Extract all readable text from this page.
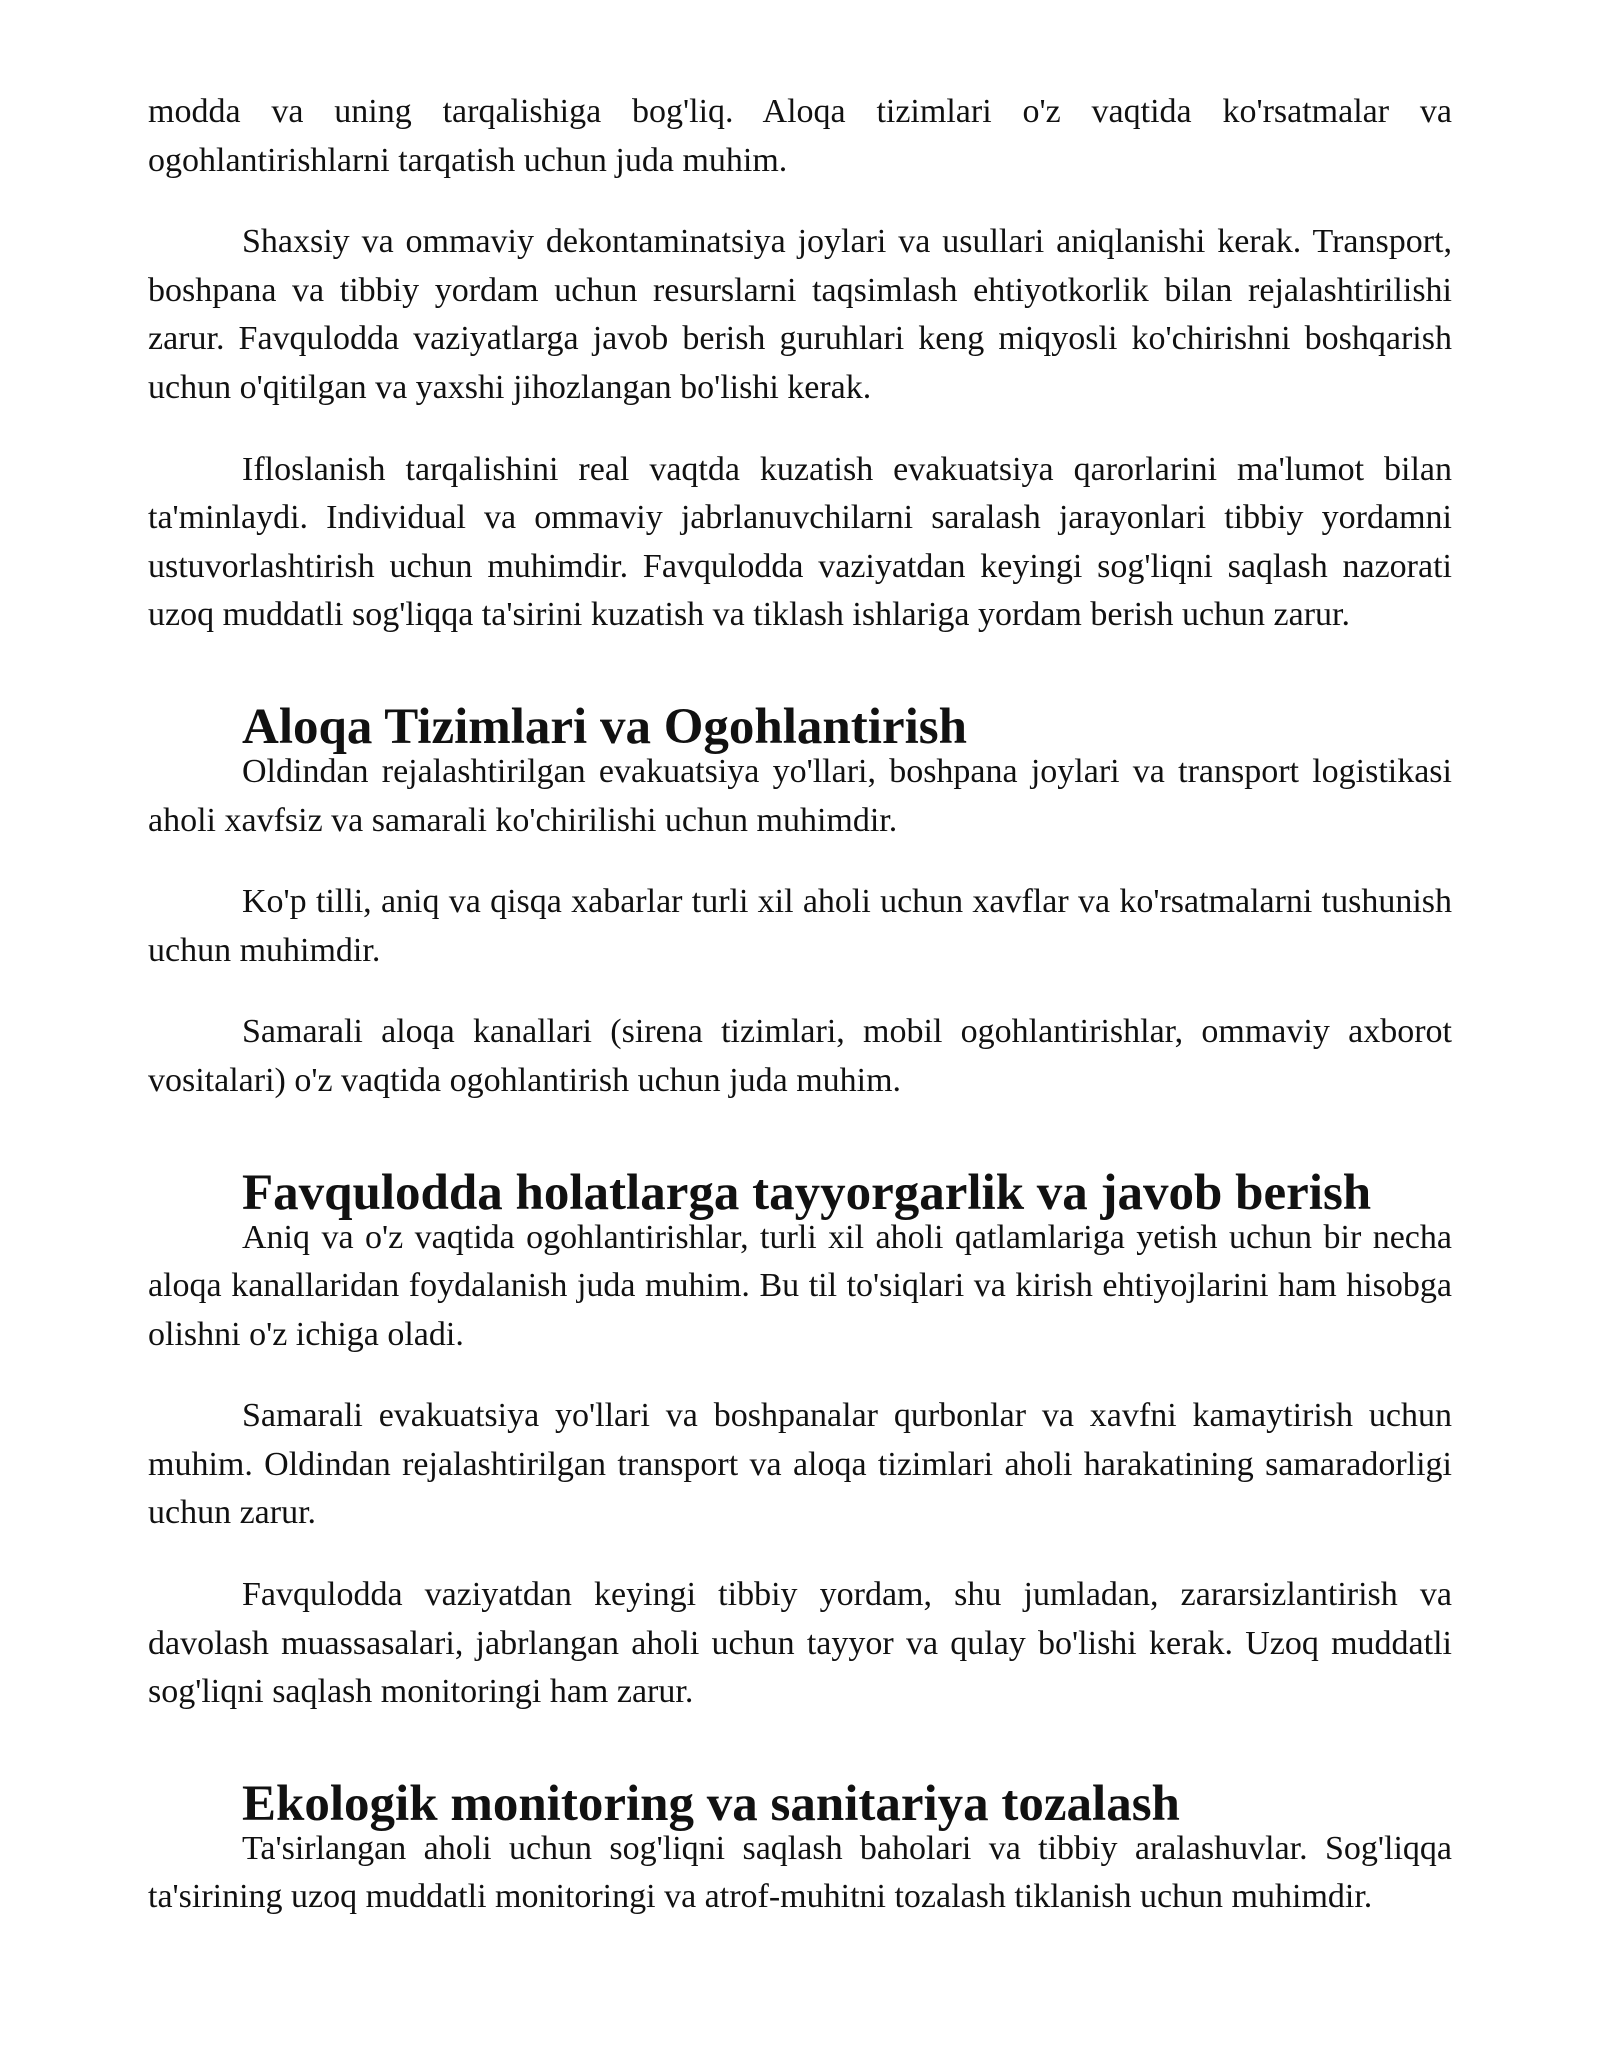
modda va uning tarqalishiga bog'liq. Aloqa tizimlari o'z vaqtida ko'rsatmalar va ogohlantirishlarni tarqatish uchun juda muhim.

Shaxsiy va ommaviy dekontaminatsiya joylari va usullari aniqlanishi kerak. Transport, boshpana va tibbiy yordam uchun resurslarni taqsimlash ehtiyotkorlik bilan rejalashtirilishi zarur. Favqulodda vaziyatlarga javob berish guruhlari keng miqyosli ko'chirishni boshqarish uchun o'qitilgan va yaxshi jihozlangan bo'lishi kerak.

Ifloslanish tarqalishini real vaqtda kuzatish evakuatsiya qarorlarini ma'lumot bilan ta'minlaydi. Individual va ommaviy jabrlanuvchilarni saralash jarayonlari tibbiy yordamni ustuvorlashtirish uchun muhimdir. Favqulodda vaziyatdan keyingi sog'liqni saqlash nazorati uzoq muddatli sog'liqqa ta'sirini kuzatish va tiklash ishlariga yordam berish uchun zarur.

Aloqa Tizimlari va Ogohlantirish

Oldindan rejalashtirilgan evakuatsiya yo'llari, boshpana joylari va transport logistikasi aholi xavfsiz va samarali ko'chirilishi uchun muhimdir.

Ko'p tilli, aniq va qisqa xabarlar turli xil aholi uchun xavflar va ko'rsatmalarni tushunish uchun muhimdir.

Samarali aloqa kanallari (sirena tizimlari, mobil ogohlantirishlar, ommaviy axborot vositalari) o'z vaqtida ogohlantirish uchun juda muhim.

Favqulodda holatlarga tayyorgarlik va javob berish

Aniq va o'z vaqtida ogohlantirishlar, turli xil aholi qatlamlariga yetish uchun bir necha aloqa kanallaridan foydalanish juda muhim. Bu til to'siqlari va kirish ehtiyojlarini ham hisobga olishni o'z ichiga oladi.

Samarali evakuatsiya yo'llari va boshpanalar qurbonlar va xavfni kamaytirish uchun muhim. Oldindan rejalashtirilgan transport va aloqa tizimlari aholi harakatining samaradorligi uchun zarur.

Favqulodda vaziyatdan keyingi tibbiy yordam, shu jumladan, zararsizlantirish va davolash muassasalari, jabrlangan aholi uchun tayyor va qulay bo'lishi kerak. Uzoq muddatli sog'liqni saqlash monitoringi ham zarur.

Ekologik monitoring va sanitariya tozalash

Ta'sirlangan aholi uchun sog'liqni saqlash baholari va tibbiy aralashuvlar. Sog'liqqa ta'sirining uzoq muddatli monitoringi va atrof-muhitni tozalash tiklanish uchun muhimdir.
